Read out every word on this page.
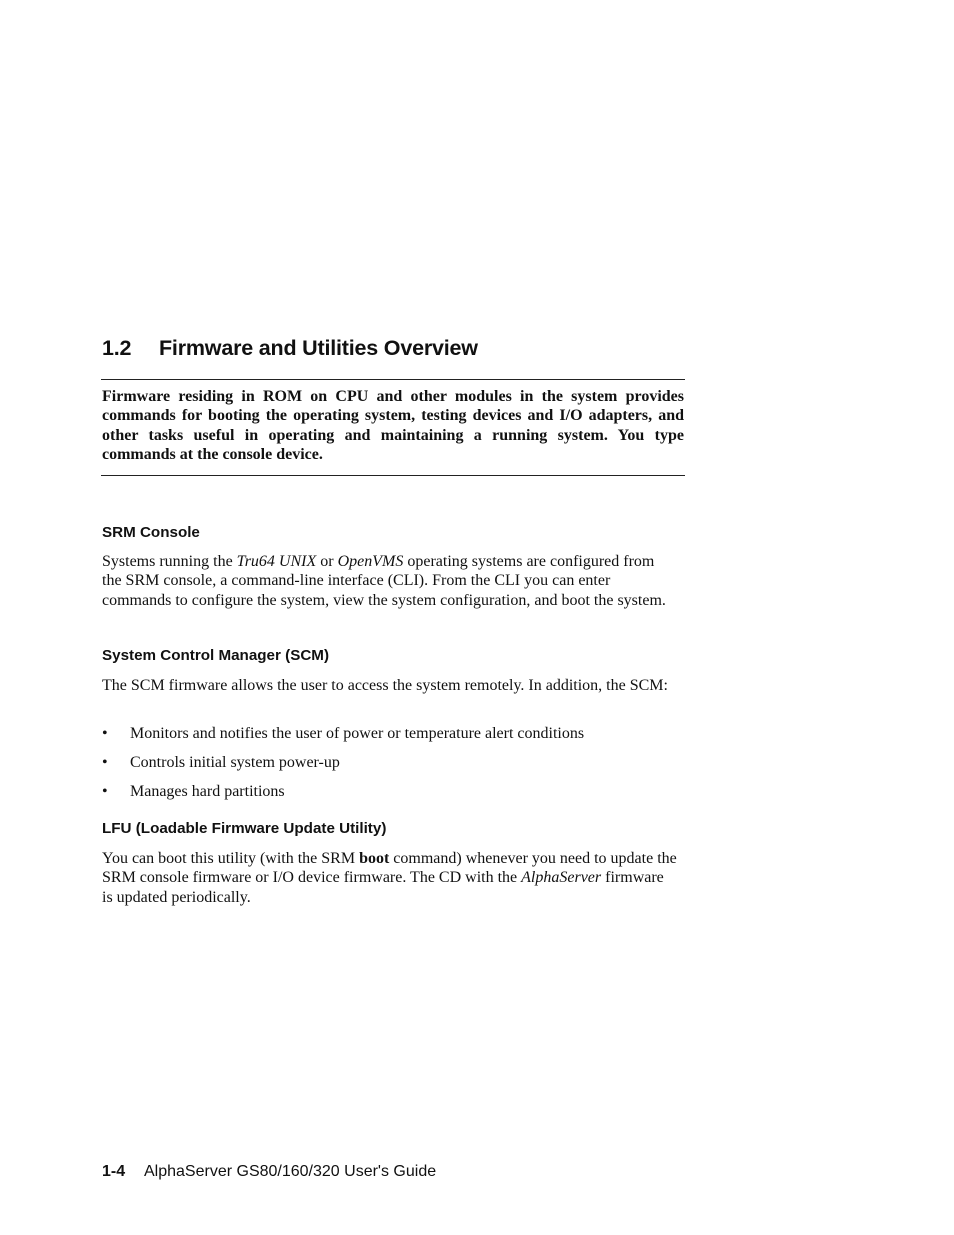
1.2 Firmware and Utilities Overview

Firmware residing in ROM on CPU and other modules in the system provides commands for booting the operating system, testing devices and I/O adapters, and other tasks useful in operating and maintaining a running system. You type commands at the console device.

SRM Console

Systems running the Tru64 UNIX or OpenVMS operating systems are configured from the SRM console, a command-line interface (CLI). From the CLI you can enter commands to configure the system, view the system configuration, and boot the system.

System Control Manager (SCM)

The SCM firmware allows the user to access the system remotely. In addition, the SCM:

• Monitors and notifies the user of power or temperature alert conditions
• Controls initial system power-up
• Manages hard partitions
LFU (Loadable Firmware Update Utility)

You can boot this utility (with the SRM boot command) whenever you need to update the SRM console firmware or I/O device firmware. The CD with the AlphaServer firmware is updated periodically.

1-4 AlphaServer GS80/160/320 User's Guide
